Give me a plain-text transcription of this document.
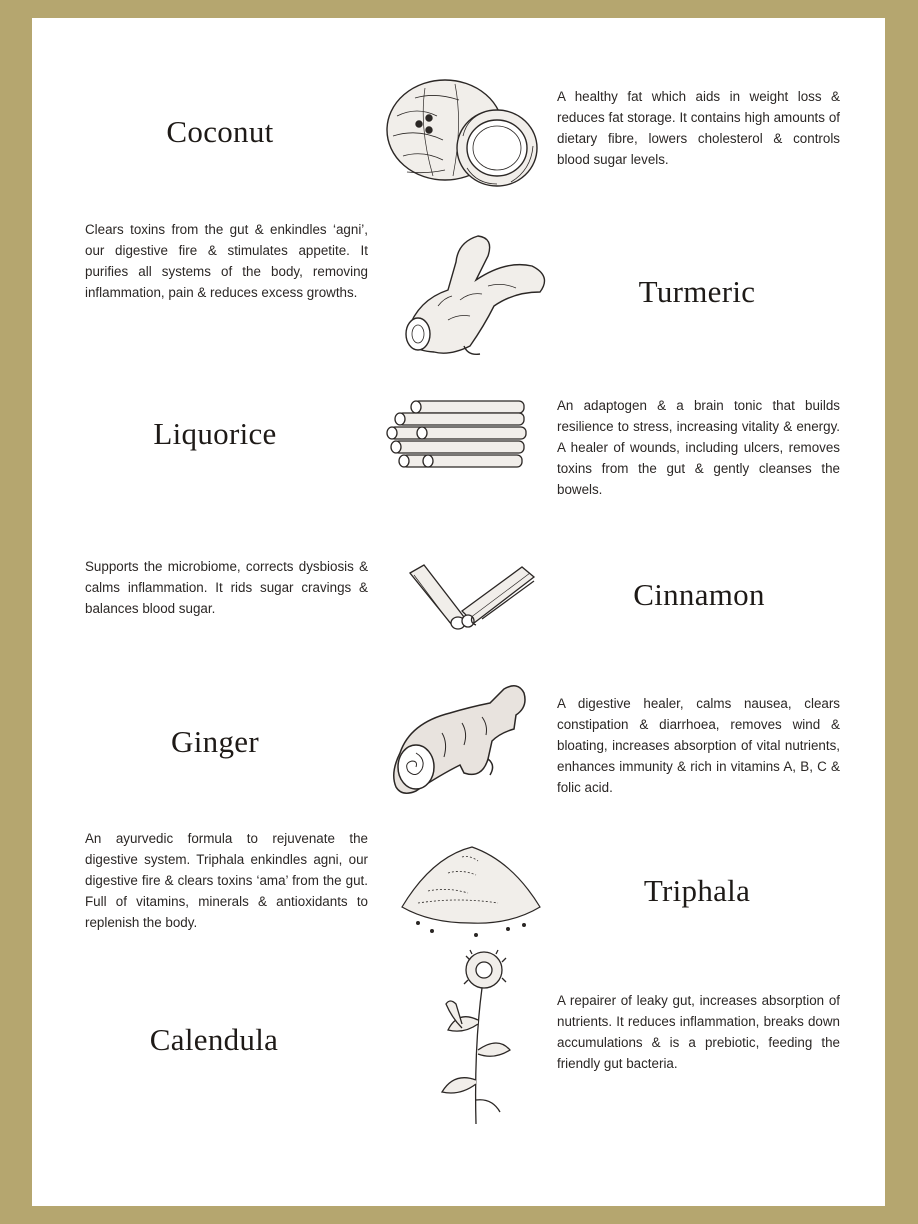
Coconut

A healthy fat which aids in weight loss & reduces fat storage. It contains high amounts of dietary fibre, lowers cholesterol & controls blood sugar levels.

Clears toxins from the gut & enkindles ‘agni’, our digestive fire & stimulates appetite. It purifies all systems of the body, removing inflammation, pain & reduces excess growths.	Turmeric
Liquorice

An adaptogen & a brain tonic that builds resilience to stress, increasing vitality & energy. A healer of wounds, including ulcers, removes toxins from the gut & gently cleanses the bowels.

Supports the microbiome, corrects dysbiosis & calms inflammation. It rids sugar cravings & balances blood sugar.	Cinnamon
Ginger

A digestive healer, calms nausea, clears constipation & diarrhoea, removes wind & bloating, increases absorption of vital nutrients, enhances immunity & rich in vitamins A, B, C & folic acid.

An ayurvedic formula to rejuvenate the digestive system. Triphala enkindles agni, our digestive fire & clears toxins ‘ama’ from the gut. Full of vitamins, minerals & antioxidants to replenish the body.

Triphala
Calendula

A repairer of leaky gut, increases absorption of nutrients. It reduces inflammation, breaks down accumulations & is a prebiotic, feeding the friendly gut bacteria.
